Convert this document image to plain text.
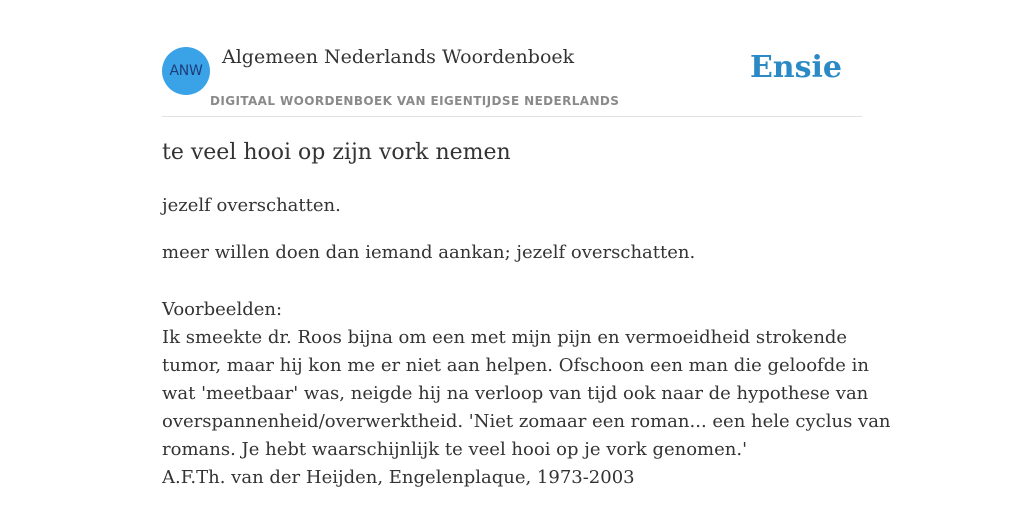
ANW
Algemeen Nederlands Woordenboek
DIGITAAL WOORDENBOEK VAN EIGENTIJDSE NEDERLANDS
Ensie
te veel hooi op zijn vork nemen
jezelf overschatten.
meer willen doen dan iemand aankan; jezelf overschatten.
Voorbeelden:
Ik smeekte dr. Roos bijna om een met mijn pijn en vermoeidheid strokende
tumor, maar hij kon me er niet aan helpen. Ofschoon een man die geloofde in
wat 'meetbaar' was, neigde hij na verloop van tijd ook naar de hypothese van
overspannenheid/overwerktheid. 'Niet zomaar een roman... een hele cyclus van
romans. Je hebt waarschijnlijk te veel hooi op je vork genomen.'
A.F.Th. van der Heijden, Engelenplaque, 1973-2003
